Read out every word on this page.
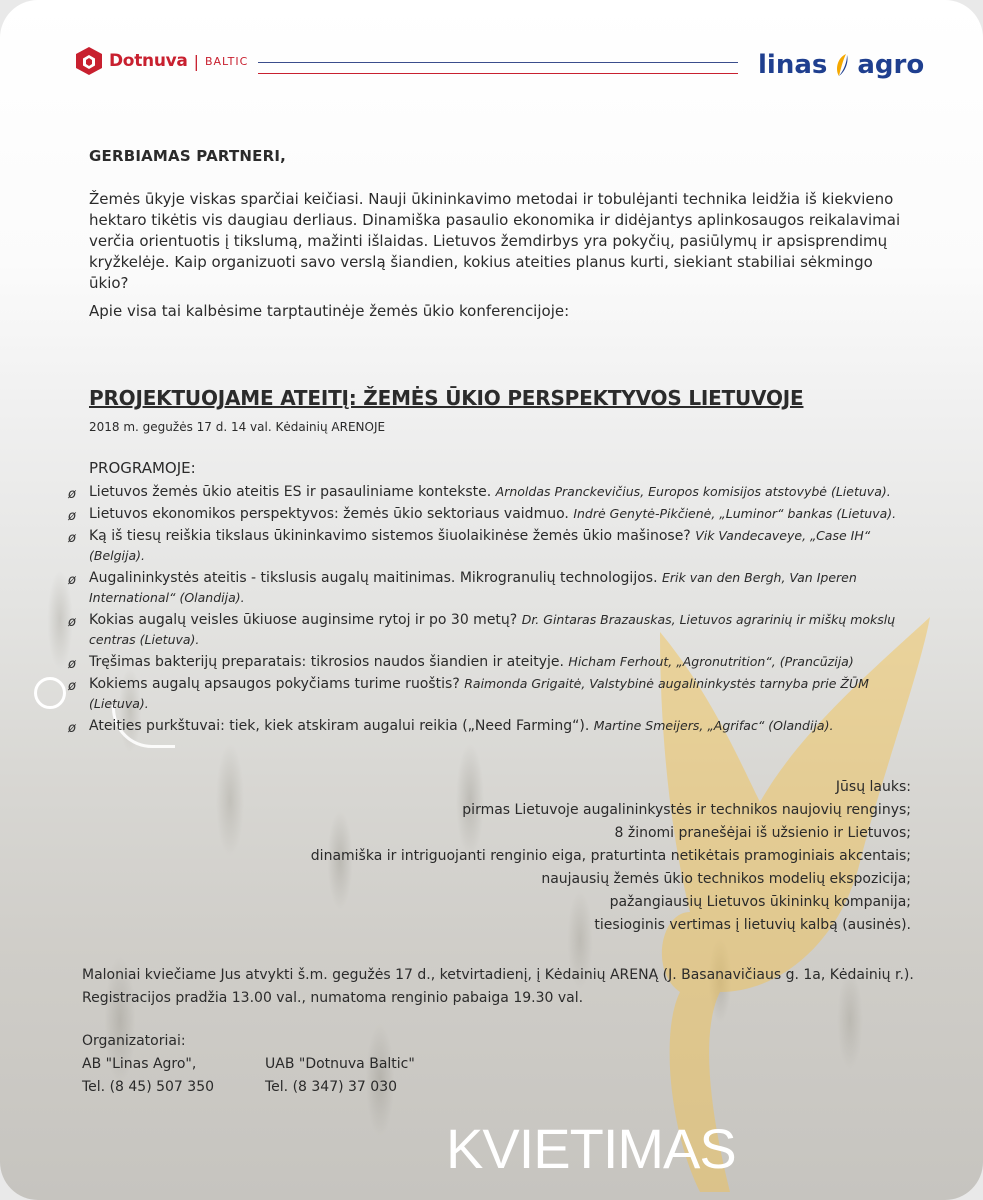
Dotnuva | BALTIC	linas agro
GERBIAMAS PARTNERI,
Žemės ūkyje viskas sparčiai keičiasi. Nauji ūkininkavimo metodai ir tobulėjanti technika leidžia iš kiekvieno hektaro tikėtis vis daugiau derliaus. Dinamiška pasaulio ekonomika ir didėjantys aplinkosaugos reikalavimai verčia orientuotis į tikslumą, mažinti išlaidas. Lietuvos žemdirbys yra pokyčių, pasiūlymų ir apsisprendimų kryžkelėje. Kaip organizuoti savo verslą šiandien, kokius ateities planus kurti, siekiant stabiliai sėkmingo ūkio?
Apie visa tai kalbėsime tarptautinėje žemės ūkio konferencijoje:
PROJEKTUOJAME ATEITĮ: ŽEMĖS ŪKIO PERSPEKTYVOS LIETUVOJE
2018 m. gegužės 17 d. 14 val. Kėdainių ARENOJE
PROGRAMOJE:
ø Lietuvos žemės ūkio ateitis ES ir pasauliniame kontekste. Arnoldas Pranckevičius, Europos komisijos atstovybė (Lietuva).
ø Lietuvos ekonomikos perspektyvos: žemės ūkio sektoriaus vaidmuo. Indrė Genytė-Pikčienė, „Luminor“ bankas (Lietuva).
ø Ką iš tiesų reiškia tikslaus ūkininkavimo sistemos šiuolaikinėse žemės ūkio mašinose? Vik Vandecaveye, „Case IH“ (Belgija).
ø Augalininkystės ateitis - tikslusis augalų maitinimas. Mikrogranulių technologijos. Erik van den Bergh, Van Iperen International“ (Olandija).
ø Kokias augalų veisles ūkiuose auginsime rytoj ir po 30 metų? Dr. Gintaras Brazauskas, Lietuvos agrarinių ir miškų mokslų centras (Lietuva).
ø Tręšimas bakterijų preparatais: tikrosios naudos šiandien ir ateityje. Hicham Ferhout, „Agronutrition“, (Prancūzija)
ø Kokiems augalų apsaugos pokyčiams turime ruoštis? Raimonda Grigaitė, Valstybinė augalininkystės tarnyba prie ŽŪM (Lietuva).
ø Ateities purkštuvai: tiek, kiek atskiram augalui reikia („Need Farming“). Martine Smeijers, „Agrifac“ (Olandija).
Jūsų lauks:
pirmas Lietuvoje augalininkystės ir technikos naujovių renginys;
8 žinomi pranešėjai iš užsienio ir Lietuvos;
dinamiška ir intriguojanti renginio eiga, praturtinta netikėtais pramoginiais akcentais;
naujausių žemės ūkio technikos modelių ekspozicija;
pažangiausių Lietuvos ūkininkų kompanija;
tiesioginis vertimas į lietuvių kalbą (ausinės).
Maloniai kviečiame Jus atvykti š.m. gegužės 17 d., ketvirtadienį, į Kėdainių ARENĄ (J. Basanavičiaus g. 1a, Kėdainių r.).
Registracijos pradžia 13.00 val., numatoma renginio pabaiga 19.30 val.
Organizatoriai:
AB "Linas Agro",
Tel. (8 45) 507 350
UAB "Dotnuva Baltic"
Tel. (8 347) 37 030
KVIETIMAS
